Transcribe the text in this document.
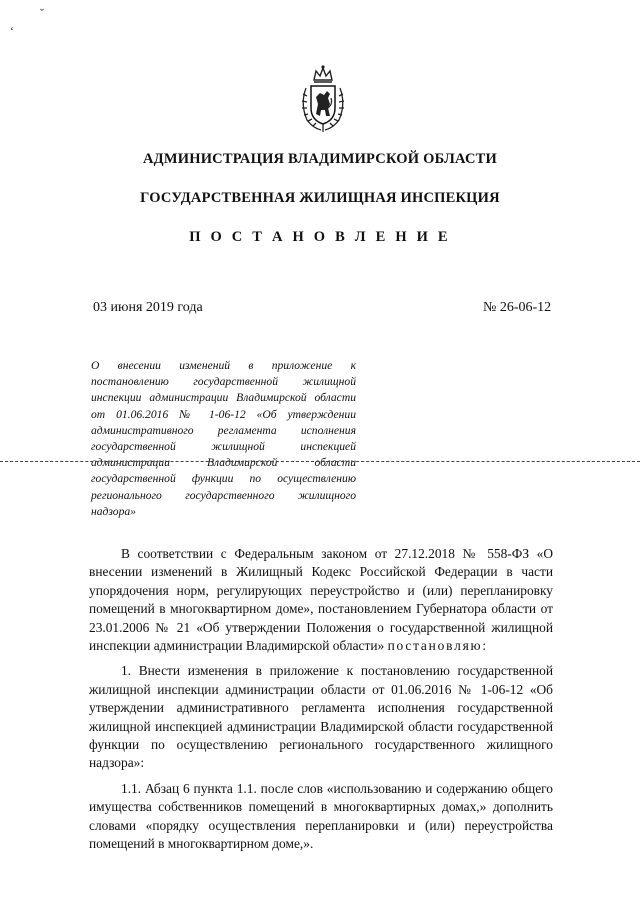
ˇ
‘
АДМИНИСТРАЦИЯ ВЛАДИМИРСКОЙ ОБЛАСТИ
ГОСУДАРСТВЕННАЯ ЖИЛИЩНАЯ ИНСПЕКЦИЯ
П О С Т А Н О В Л Е Н И Е
03 июня 2019 года	№ 26-06-12
О внесении изменений в приложение к постановлению государственной жилищной инспекции администрации Владимирской области от 01.06.2016 № 1-06-12 «Об утверждении административного регламента исполнения государственной жилищной инспекцией администрации Владимирской области государственной функции по осуществлению регионального государственного жилищного надзора»

В соответствии с Федеральным законом от 27.12.2018 № 558-ФЗ «О внесении изменений в Жилищный Кодекс Российской Федерации в части упорядочения норм, регулирующих переустройство и (или) перепланировку помещений в многоквартирном доме», постановлением Губернатора области от 23.01.2006 № 21 «Об утверждении Положения о государственной жилищной инспекции администрации Владимирской области» постановляю:

1. Внести изменения в приложение к постановлению государственной жилищной инспекции администрации области от 01.06.2016 № 1-06-12 «Об утверждении административного регламента исполнения государственной жилищной инспекцией администрации Владимирской области государственной функции по осуществлению регионального государственного жилищного надзора»:

1.1. Абзац 6 пункта 1.1. после слов «использованию и содержанию общего имущества собственников помещений в многоквартирных домах,» дополнить словами «порядку осуществления перепланировки и (или) переустройства помещений в многоквартирном доме,».
